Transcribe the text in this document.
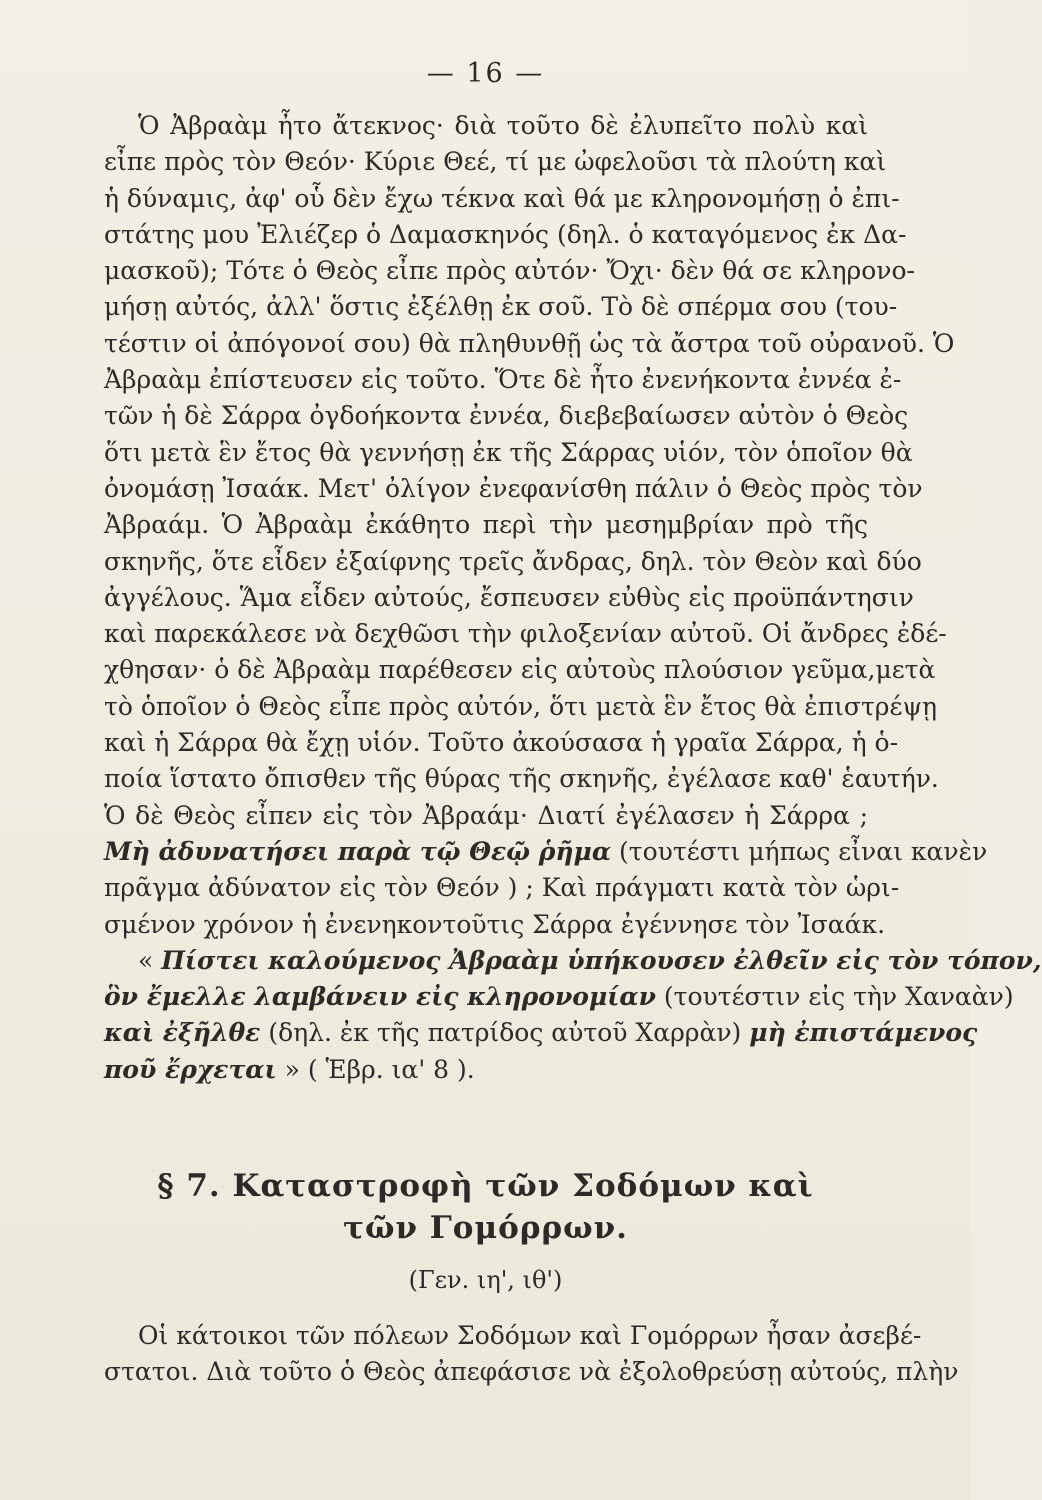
— 16 —
Ὁ Ἀβραὰμ ἦτο ἄτεκνος· διὰ τοῦτο δὲ ἐλυπεῖτο πολὺ καὶ
εἶπε πρὸς τὸν Θεόν· Κύριε Θεέ, τί με ὠφελοῦσι τὰ πλούτη καὶ
ἡ δύναμις, ἀφ' οὗ δὲν ἔχω τέκνα καὶ θά με κληρονομήσῃ ὁ ἐπι-
στάτης μου Ἐλιέζερ ὁ Δαμασκηνός (δηλ. ὁ καταγόμενος ἐκ Δα-
μασκοῦ); Τότε ὁ Θεὸς εἶπε πρὸς αὐτόν· Ὄχι· δὲν θά σε κληρονο-
μήσῃ αὐτός, ἀλλ' ὅστις ἐξέλθῃ ἐκ σοῦ. Τὸ δὲ σπέρμα σου (του-
τέστιν οἱ ἀπόγονοί σου) θὰ πληθυνθῇ ὡς τὰ ἄστρα τοῦ οὐρανοῦ. Ὁ
Ἀβραὰμ ἐπίστευσεν εἰς τοῦτο. Ὅτε δὲ ἦτο ἐνενήκοντα ἐννέα ἐ-
τῶν ἡ δὲ Σάρρα ὀγδοήκοντα ἐννέα, διεβεβαίωσεν αὐτὸν ὁ Θεὸς
ὅτι μετὰ ἓν ἔτος θὰ γεννήσῃ ἐκ τῆς Σάρρας υἱόν, τὸν ὁποῖον θὰ
ὀνομάσῃ Ἰσαάκ. Μετ' ὀλίγον ἐνεφανίσθη πάλιν ὁ Θεὸς πρὸς τὸν
Ἀβραάμ. Ὁ Ἀβραὰμ ἐκάθητο περὶ τὴν μεσημβρίαν πρὸ τῆς
σκηνῆς, ὅτε εἶδεν ἐξαίφνης τρεῖς ἄνδρας, δηλ. τὸν Θεὸν καὶ δύο
ἀγγέλους. Ἅμα εἶδεν αὐτούς, ἔσπευσεν εὐθὺς εἰς προϋπάντησιν
καὶ παρεκάλεσε νὰ δεχθῶσι τὴν φιλοξενίαν αὐτοῦ. Οἱ ἄνδρες ἐδέ-
χθησαν· ὁ δὲ Ἀβραὰμ παρέθεσεν εἰς αὐτοὺς πλούσιον γεῦμα,μετὰ
τὸ ὁποῖον ὁ Θεὸς εἶπε πρὸς αὐτόν, ὅτι μετὰ ἓν ἔτος θὰ ἐπιστρέψῃ
καὶ ἡ Σάρρα θὰ ἔχῃ υἱόν. Τοῦτο ἀκούσασα ἡ γραῖα Σάρρα, ἡ ὁ-
ποία ἵστατο ὄπισθεν τῆς θύρας τῆς σκηνῆς, ἐγέλασε καθ' ἑαυτήν.
Ὁ δὲ Θεὸς εἶπεν εἰς τὸν Ἀβραάμ· Διατί ἐγέλασεν ἡ Σάρρα ;
Μὴ ἀδυνατήσει παρὰ τῷ Θεῷ ῥῆμα (τουτέστι μήπως εἶναι κανὲν
πρᾶγμα ἀδύνατον εἰς τὸν Θεόν ) ; Καὶ πράγματι κατὰ τὸν ὡρι-
σμένον χρόνον ἡ ἐνενηκοντοῦτις Σάρρα ἐγέννησε τὸν Ἰσαάκ.
« Πίστει καλούμενος Ἀβραὰμ ὑπήκουσεν ἐλθεῖν εἰς τὸν τόπον,
ὃν ἔμελλε λαμβάνειν εἰς κληρονομίαν (τουτέστιν εἰς τὴν Χαναὰν)
καὶ ἐξῆλθε (δηλ. ἐκ τῆς πατρίδος αὐτοῦ Χαρρὰν) μὴ ἐπιστάμενος
ποῦ ἔρχεται » ( Ἑβρ. ια' 8 ).
§ 7. Καταστροφὴ τῶν Σοδόμων καὶ
τῶν Γομόρρων.
(Γεν. ιη', ιθ')
Οἱ κάτοικοι τῶν πόλεων Σοδόμων καὶ Γομόρρων ἦσαν ἀσεβέ-
στατοι. Διὰ τοῦτο ὁ Θεὸς ἀπεφάσισε νὰ ἐξολοθρεύσῃ αὐτούς, πλὴν
